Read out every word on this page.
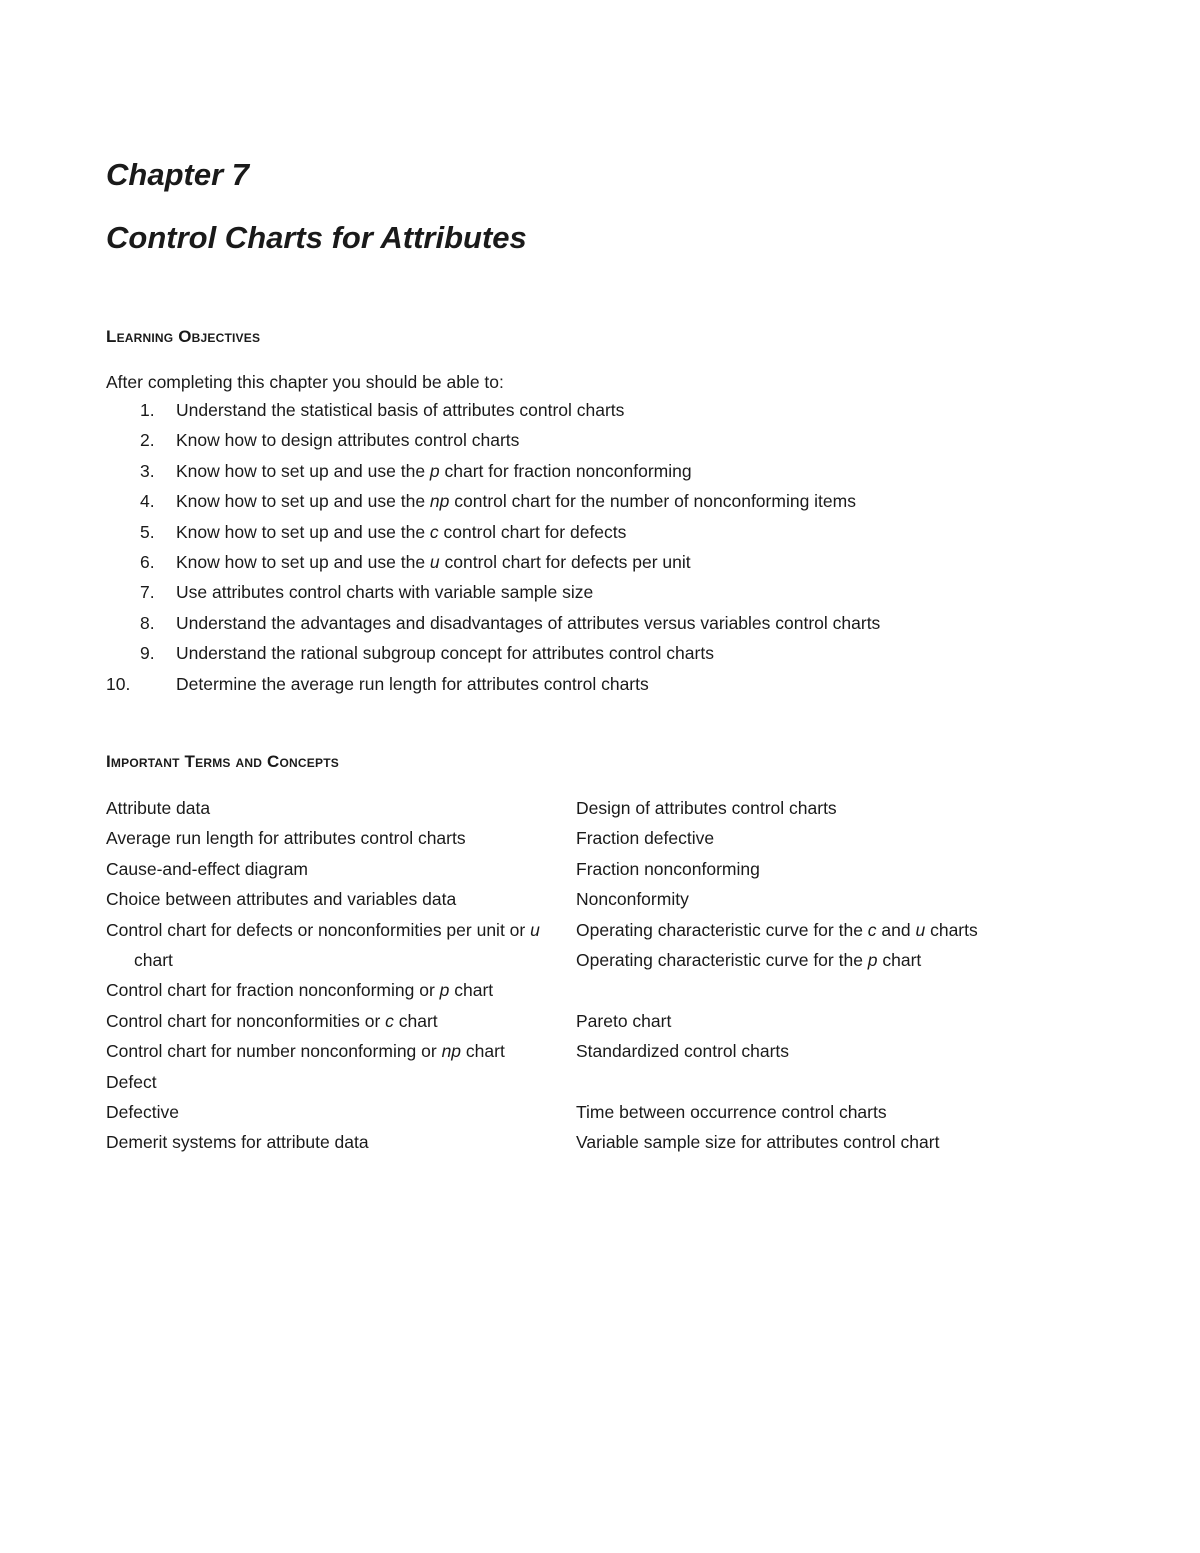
Chapter 7
Control Charts for Attributes
Learning Objectives
After completing this chapter you should be able to:
1. Understand the statistical basis of attributes control charts
2. Know how to design attributes control charts
3. Know how to set up and use the p chart for fraction nonconforming
4. Know how to set up and use the np control chart for the number of nonconforming items
5. Know how to set up and use the c control chart for defects
6. Know how to set up and use the u control chart for defects per unit
7. Use attributes control charts with variable sample size
8. Understand the advantages and disadvantages of attributes versus variables control charts
9. Understand the rational subgroup concept for attributes control charts
10.	Determine the average run length for attributes control charts
Important Terms and Concepts
Attribute data
Average run length for attributes control charts
Cause-and-effect diagram
Choice between attributes and variables data
Control chart for defects or nonconformities per unit or u chart
Control chart for fraction nonconforming or p chart
Control chart for nonconformities or c chart
Control chart for number nonconforming or np chart
Defect
Defective
Demerit systems for attribute data
Design of attributes control charts
Fraction defective
Fraction nonconforming
Nonconformity
Operating characteristic curve for the c and u charts
Operating characteristic curve for the p chart
Pareto chart
Standardized control charts
Time between occurrence control charts
Variable sample size for attributes control chart
